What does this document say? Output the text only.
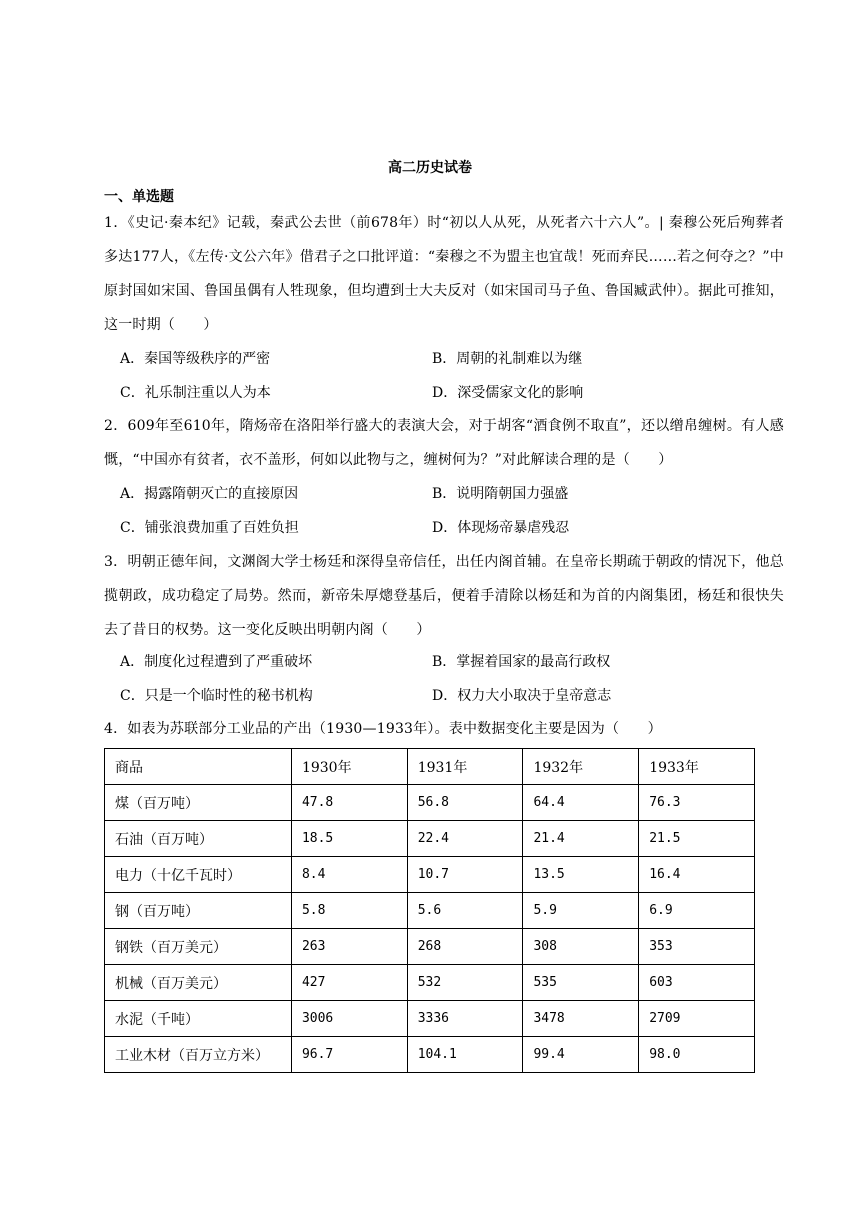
高二历史试卷
一、单选题
1．《史记·秦本纪》记载，秦武公去世（前678年）时“初以人从死，从死者六十六人”。| 秦穆公死后殉葬者多达177人，《左传·文公六年》借君子之口批评道：“秦穆之不为盟主也宜哉！死而弃民……若之何夺之？”中原封国如宋国、鲁国虽偶有人牲现象，但均遭到士大夫反对（如宋国司马子鱼、鲁国臧武仲）。据此可推知，这一时期（　　）
A．秦国等级秩序的严密	B．周朝的礼制难以为继
C．礼乐制注重以人为本	D．深受儒家文化的影响
2．609年至610年，隋炀帝在洛阳举行盛大的表演大会，对于胡客“酒食例不取直”，还以缯帛缠树。有人感慨，“中国亦有贫者，衣不盖形，何如以此物与之，缠树何为？”对此解读合理的是（　　）
A．揭露隋朝灭亡的直接原因	B．说明隋朝国力强盛
C．铺张浪费加重了百姓负担	D．体现炀帝暴虐残忍
3．明朝正德年间，文渊阁大学士杨廷和深得皇帝信任，出任内阁首辅。在皇帝长期疏于朝政的情况下，他总揽朝政，成功稳定了局势。然而，新帝朱厚熜登基后，便着手清除以杨廷和为首的内阁集团，杨廷和很快失去了昔日的权势。这一变化反映出明朝内阁（　　）
A．制度化过程遭到了严重破坏	B．掌握着国家的最高行政权
C．只是一个临时性的秘书机构	D．权力大小取决于皇帝意志
4．如表为苏联部分工业品的产出（1930—1933年）。表中数据变化主要是因为（　　）
商品	1930年	1931年	1932年	1933年
煤（百万吨）	47.8	56.8	64.4	76.3
石油（百万吨）	18.5	22.4	21.4	21.5
电力（十亿千瓦时）	8.4	10.7	13.5	16.4
钢（百万吨）	5.8	5.6	5.9	6.9
钢铁（百万美元）	263	268	308	353
机械（百万美元）	427	532	535	603
水泥（千吨）	3006	3336	3478	2709
工业木材（百万立方米）	96.7	104.1	99.4	98.0
